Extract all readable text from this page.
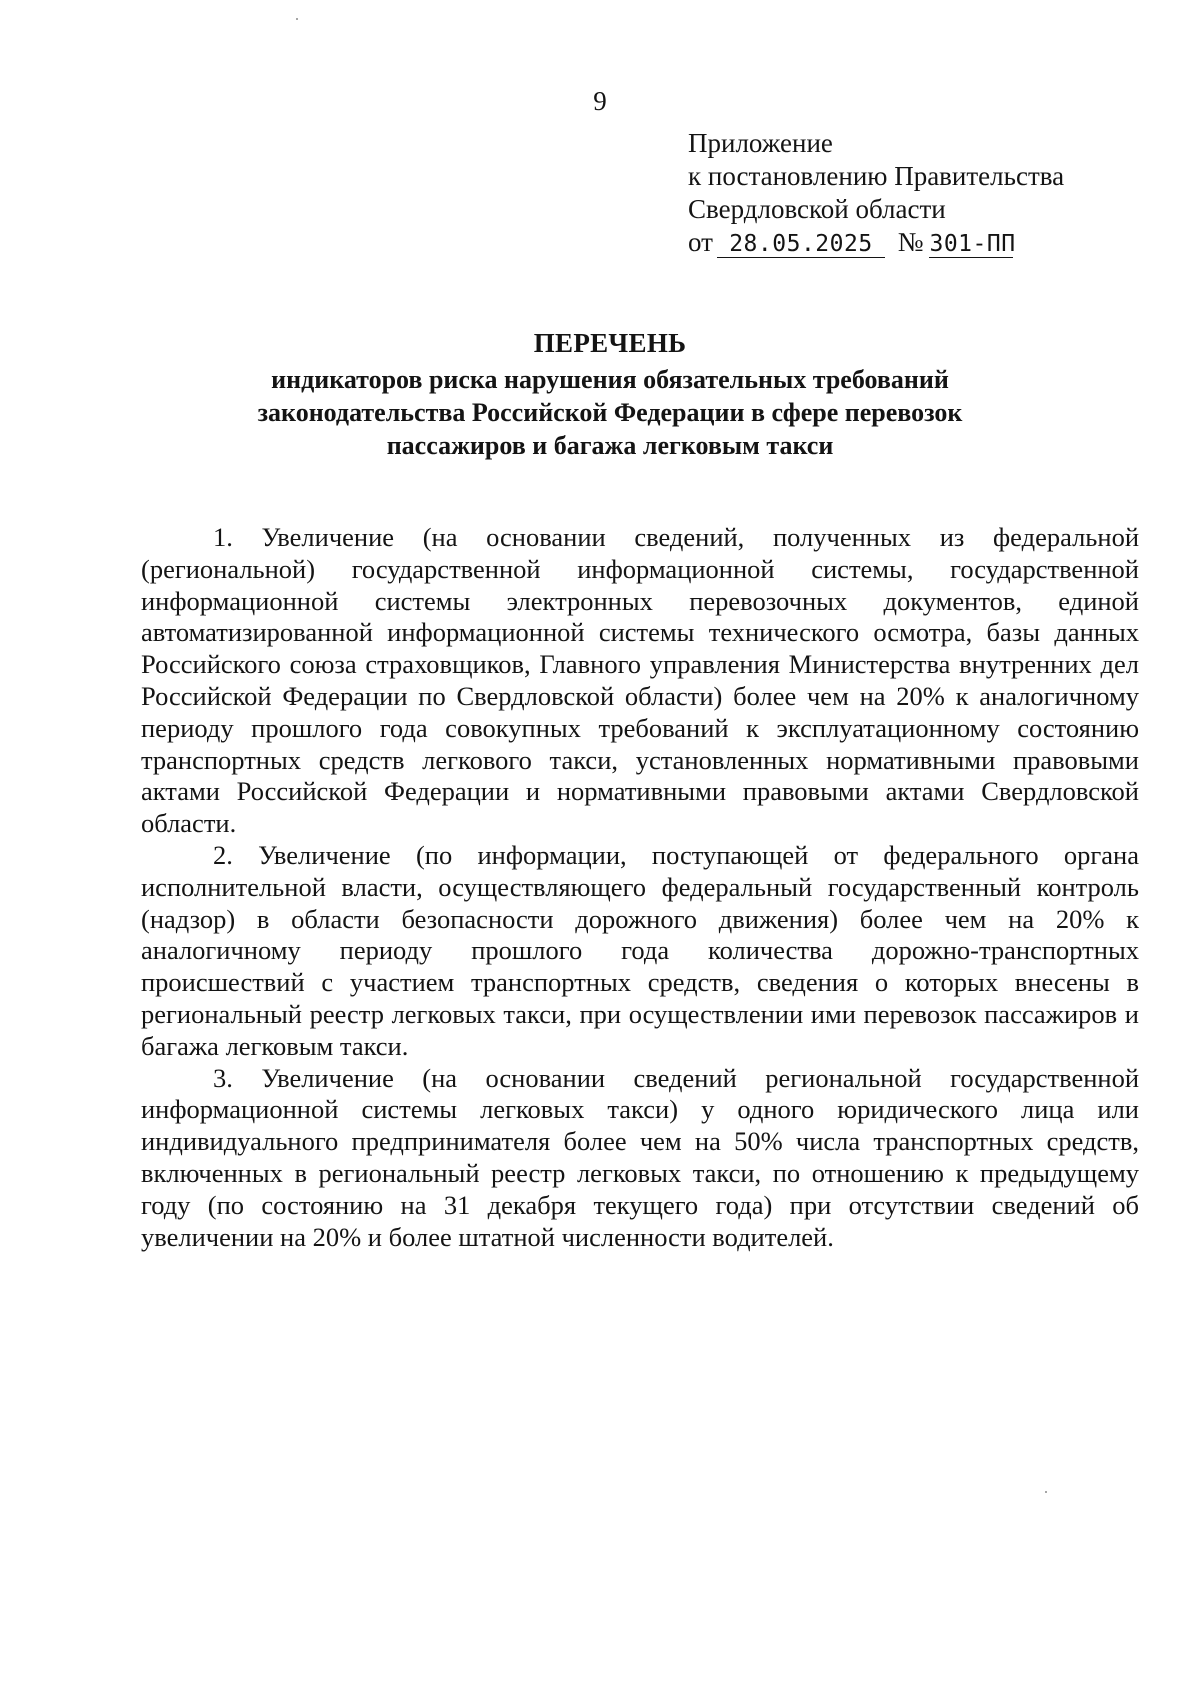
9
Приложение
к постановлению Правительства
Свердловской области
от 28.05.2025 № 301-ПП
ПЕРЕЧЕНЬ
индикаторов риска нарушения обязательных требований
законодательства Российской Федерации в сфере перевозок
пассажиров и багажа легковым такси

1. Увеличение (на основании сведений, полученных из федеральной (региональной) государственной информационной системы, государственной информационной системы электронных перевозочных документов, единой автоматизированной информационной системы технического осмотра, базы данных Российского союза страховщиков, Главного управления Министерства внутренних дел Российской Федерации по Свердловской области) более чем на 20% к аналогичному периоду прошлого года совокупных требований к эксплуатационному состоянию транспортных средств легкового такси, установленных нормативными правовыми актами Российской Федерации и нормативными правовыми актами Свердловской области.

2. Увеличение (по информации, поступающей от федерального органа исполнительной власти, осуществляющего федеральный государственный контроль (надзор) в области безопасности дорожного движения) более чем на 20% к аналогичному периоду прошлого года количества дорожно-транспортных происшествий с участием транспортных средств, сведения о которых внесены в региональный реестр легковых такси, при осуществлении ими перевозок пассажиров и багажа легковым такси.

3. Увеличение (на основании сведений региональной государственной информационной системы легковых такси) у одного юридического лица или индивидуального предпринимателя более чем на 50% числа транспортных средств, включенных в региональный реестр легковых такси, по отношению к предыдущему году (по состоянию на 31 декабря текущего года) при отсутствии сведений об увеличении на 20% и более штатной численности водителей.
